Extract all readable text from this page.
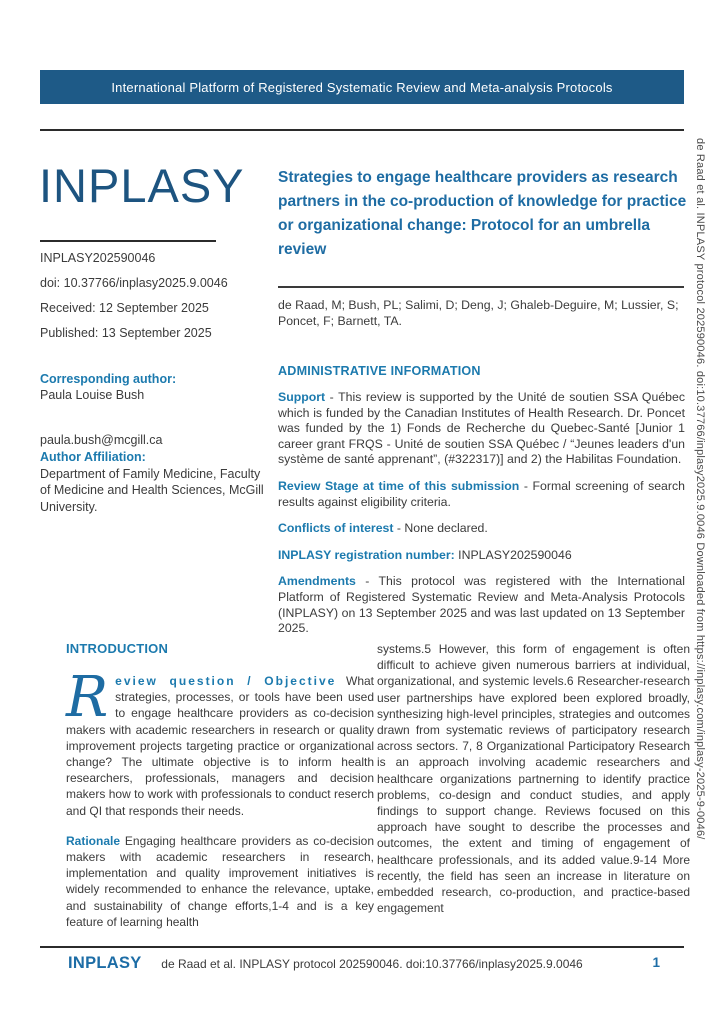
International Platform of Registered Systematic Review and Meta-analysis Protocols
INPLASY

INPLASY202590046

doi: 10.37766/inplasy2025.9.0046

Received: 12 September 2025

Published: 13 September 2025

Corresponding author:

Paula Louise Bush

paula.bush@mcgill.ca

Author Affiliation:

Department of Family Medicine, Faculty of Medicine and Health Sciences, McGill University.

Strategies to engage healthcare providers as research partners in the co-production of knowledge for practice or organizational change: Protocol for an umbrella review
de Raad, M; Bush, PL; Salimi, D; Deng, J; Ghaleb-Deguire, M; Lussier, S; Poncet, F; Barnett, TA.
ADMINISTRATIVE INFORMATION

Support - This review is supported by the Unité de soutien SSA Québec which is funded by the Canadian Institutes of Health Research. Dr. Poncet was funded by the 1) Fonds de Recherche du Quebec-Santé [Junior 1 career grant FRQS - Unité de soutien SSA Québec / “Jeunes leaders d'un système de santé apprenant”, (#322317)] and 2) the Habilitas Foundation.

Review Stage at time of this submission - Formal screening of search results against eligibility criteria.

Conflicts of interest - None declared.

INPLASY registration number: INPLASY202590046

Amendments - This protocol was registered with the International Platform of Registered Systematic Review and Meta-Analysis Protocols (INPLASY) on 13 September 2025 and was last updated on 13 September 2025.

INTRODUCTION

Review question / Objective What strategies, processes, or tools have been used to engage healthcare providers as co-decision makers with academic researchers in research or quality improvement projects targeting practice or organizational change? The ultimate objective is to inform health researchers, professionals, managers and decision makers how to work with professionals to conduct reserch and QI that responds their needs.

Rationale Engaging healthcare providers as co-decision makers with academic researchers in research, implementation and quality improvement initiatives is widely recommended to enhance the relevance, uptake, and sustainability of change efforts,1-4 and is a key feature of learning health

systems.5 However, this form of engagement is often difficult to achieve given numerous barriers at individual, organizational, and systemic levels.6 Researcher-research user partnerships have explored been explored broadly, synthesizing high-level principles, strategies and outcomes drawn from systematic reviews of participatory research across sectors. 7, 8 Organizational Participatory Research is an approach involving academic researchers and healthcare organizations partnerning to identify practice problems, co-design and conduct studies, and apply findings to support change. Reviews focused on this approach have sought to describe the processes and outcomes, the extent and timing of engagement of healthcare professionals, and its added value.9-14 More recently, the field has seen an increase in literature on embedded research, co-production, and practice-based engagement
INPLASY	de Raad et al. INPLASY protocol 202590046. doi:10.37766/inplasy2025.9.0046	1
de Raad et al. INPLASY protocol 202590046. doi:10.37766/inplasy2025.9.0046 Downloaded from https://inplasy.com/inplasy-2025-9-0046/
